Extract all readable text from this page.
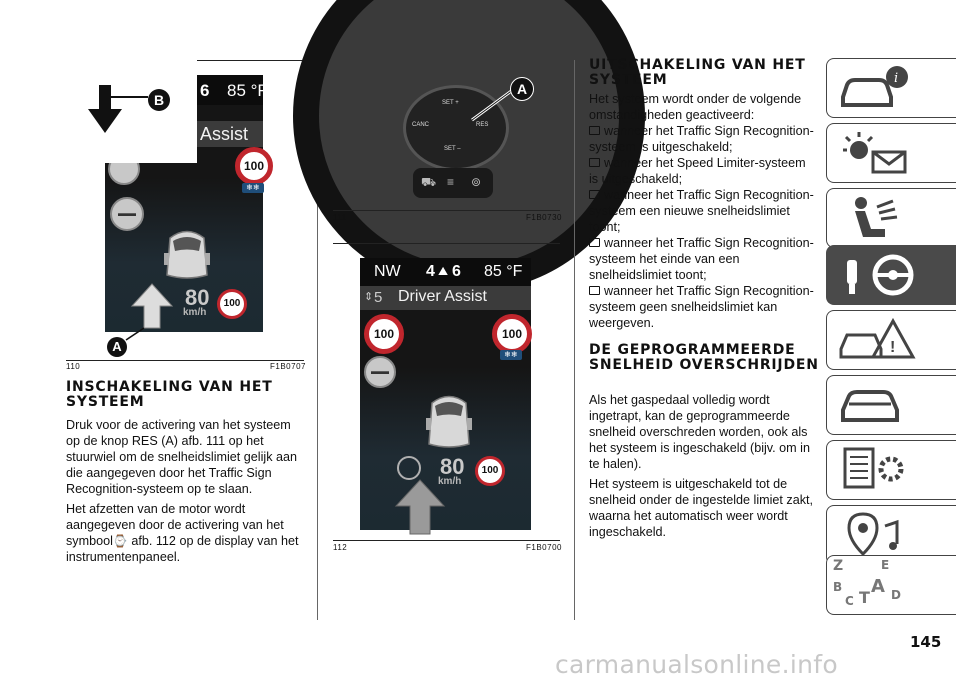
6 85 °F
Assist
100
❄❄
▬▬
80
km/h
100
B
A
110	F1B0707
INSCHAKELING VAN HET SYSTEEM

Druk voor de activering van het systeem op de knop RES (A) afb. 111 op het stuurwiel om de snelheidslimiet gelijk aan die aangegeven door het Traffic Sign Recognition-systeem op te slaan.

Het afzetten van de motor wordt aangegeven door de activering van het symbool⌚ afb. 112 op de display van het instrumentenpaneel.

SET +
CANC	RES
SET –
⛟ ≡ ⊚
A
111	F1B0730
NW 4 ⛰ 6 85 °F
⇕ 5 Driver Assist
100	100
❄❄
▬▬
80
km/h
100
112	F1B0700
UITSCHAKELING VAN HET SYSTEEM
Het systeem wordt onder de volgende omstandigheden geactiveerd:
wanneer het Traffic Sign Recognition-systeem is uitgeschakeld;
wanneer het Speed Limiter-systeem is uitgeschakeld;
wanneer het Traffic Sign Recognition-systeem een nieuwe snelheidslimiet toont;
wanneer het Traffic Sign Recognition-systeem het einde van een snelheidslimiet toont;
wanneer het Traffic Sign Recognition-systeem geen snelheidslimiet kan weergeven.
DE GEPROGRAMMEERDE SNELHEID OVERSCHRIJDEN

Als het gaspedaal volledig wordt ingetrapt, kan de geprogrammeerde snelheid overschreden worden, ook als het systeem is ingeschakeld (bijv. om in te halen).

Het systeem is uitgeschakeld tot de snelheid onder de ingestelde limiet zakt, waarna het automatisch weer wordt ingeschakeld.

i
!
Z	E
B A
C T D
145
carmanualsonline.info
